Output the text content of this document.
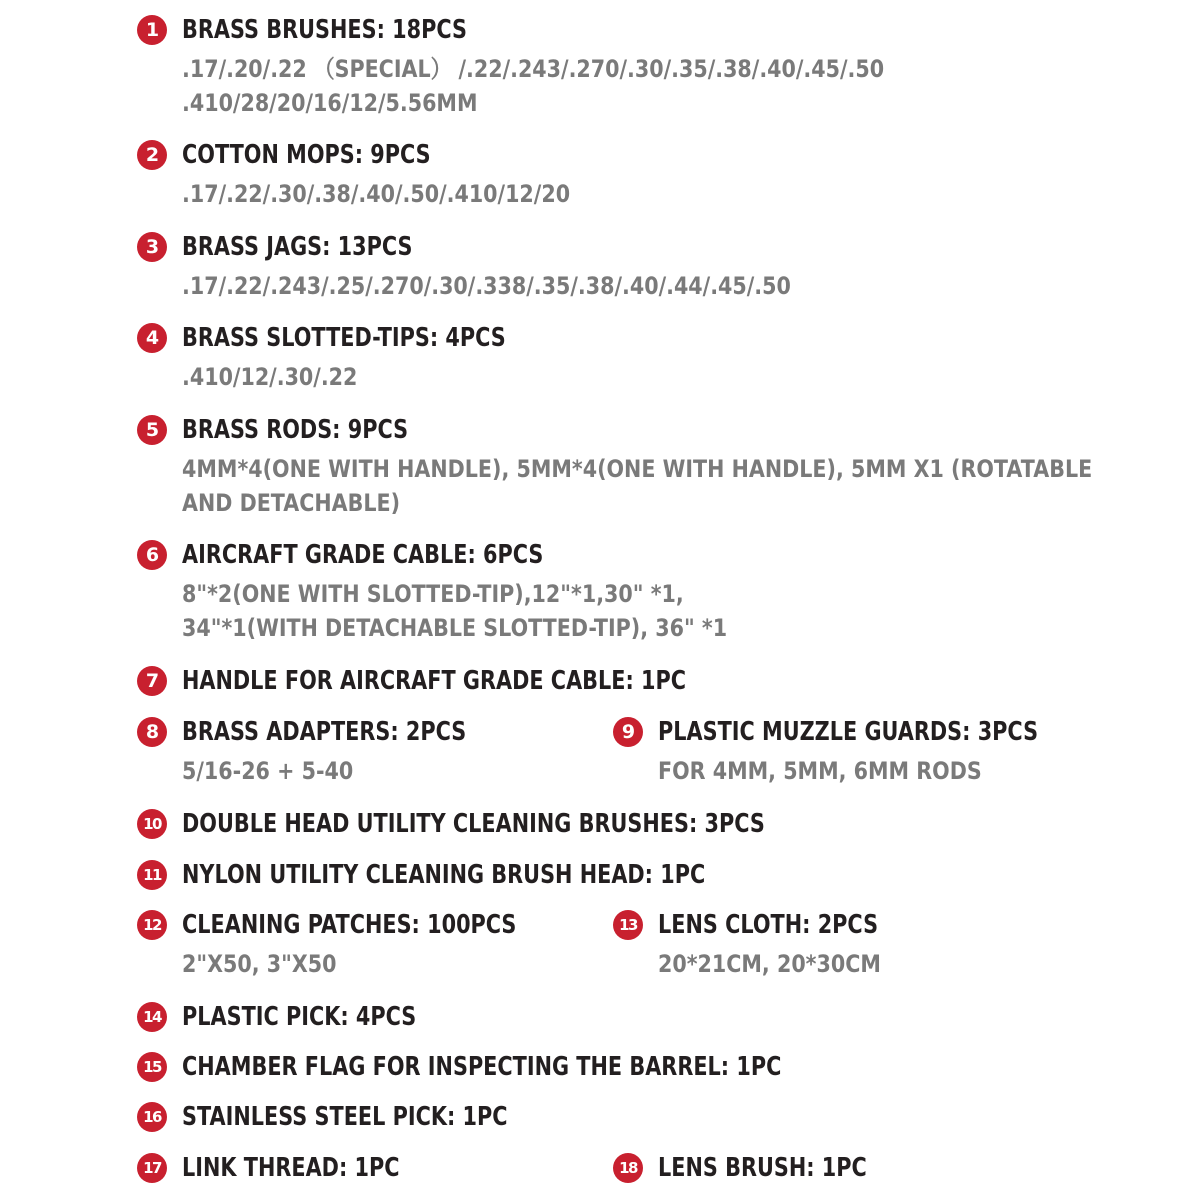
1 BRASS BRUSHES: 18PCS
.17/.20/.22 （SPECIAL） /.22/.243/.270/.30/.35/.38/.40/.45/.50
.410/28/20/16/12/5.56MM
2 COTTON MOPS: 9PCS
.17/.22/.30/.38/.40/.50/.410/12/20
3 BRASS JAGS: 13PCS
.17/.22/.243/.25/.270/.30/.338/.35/.38/.40/.44/.45/.50
4 BRASS SLOTTED-TIPS: 4PCS
.410/12/.30/.22
5 BRASS RODS: 9PCS
4MM*4(ONE WITH HANDLE), 5MM*4(ONE WITH HANDLE), 5MM X1 (ROTATABLE
AND DETACHABLE)
6 AIRCRAFT GRADE CABLE: 6PCS
8"*2(ONE WITH SLOTTED-TIP),12"*1,30" *1,
34"*1(WITH DETACHABLE SLOTTED-TIP), 36" *1
7 HANDLE FOR AIRCRAFT GRADE CABLE: 1PC
8 BRASS ADAPTERS: 2PCS
5/16-26 + 5-40
9 PLASTIC MUZZLE GUARDS: 3PCS
FOR 4MM, 5MM, 6MM RODS
10 DOUBLE HEAD UTILITY CLEANING BRUSHES: 3PCS
11 NYLON UTILITY CLEANING BRUSH HEAD: 1PC
12 CLEANING PATCHES: 100PCS
2"X50, 3"X50
13 LENS CLOTH: 2PCS
20*21CM, 20*30CM
14 PLASTIC PICK: 4PCS
15 CHAMBER FLAG FOR INSPECTING THE BARREL: 1PC
16 STAINLESS STEEL PICK: 1PC
17 LINK THREAD: 1PC	18 LENS BRUSH: 1PC
